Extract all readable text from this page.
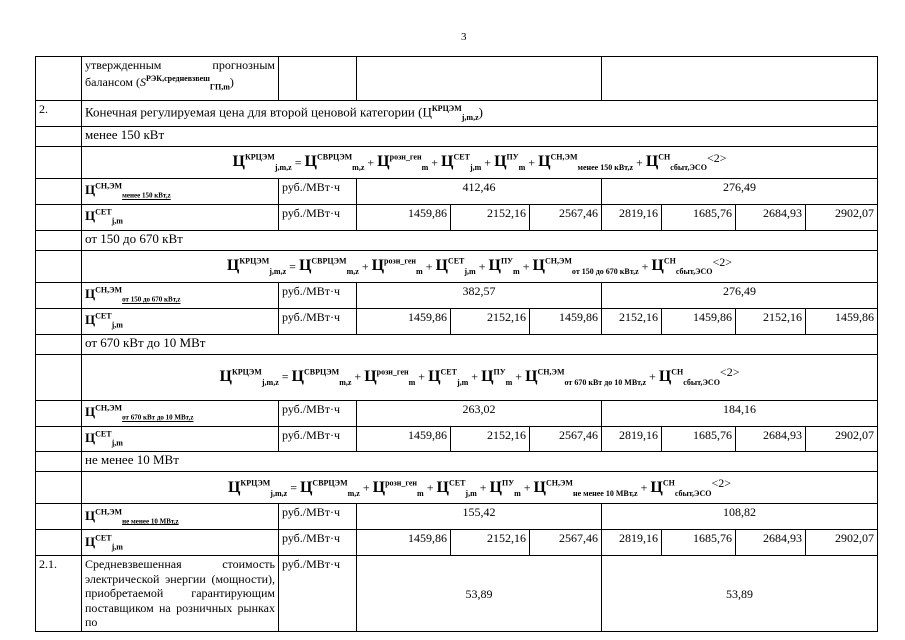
3

	утвержденным прогнозным
балансом $(S^{РЭК,средневзвеш}_{ГП,m})$									

2.	Конечная регулируемая цена для второй ценовой категории $(Ц^{КРЦЭМ}_{j,m,z})$									
	менее 150 кВт									
	$Ц^{КРЦЭМ}_{j,m,z} = Ц^{СВРЦЭМ}_{m,z} + Ц^{розн\_ген}_m + Ц^{СЕТ}_{j,m} + Ц^{ПУ}_m + Ц^{СН,ЭМ}_{менее 150 кВт,z} + Ц^{СН}_{сбыт,ЭСО}<2>$									
	$Ц^{СН,ЭМ}_{менее 150 кВт,z}$	руб./МВт·ч	412,46			276,49				
	$Ц^{СЕТ}_{j,m}$	руб./МВт·ч	1459,86	2152,16	2567,46	2819,16	1685,76	2684,93	2902,07	
	от 150 до 670 кВт									
	$Ц^{КРЦЭМ}_{j,m,z} = Ц^{СВРЦЭМ}_{m,z} + Ц^{розн\_ген}_m + Ц^{СЕТ}_{j,m} + Ц^{ПУ}_m + Ц^{СН,ЭМ}_{от 150 до 670 кВт,z} + Ц^{СН}_{сбыт,ЭСО}<2>$									
	$Ц^{СН,ЭМ}_{от 150 до 670 кВт,z}$	руб./МВт·ч	382,57			276,49				
	$Ц^{СЕТ}_{j,m}$	руб./МВт·ч	1459,86	2152,16	1459,86	2152,16	1459,86	2152,16	1459,86	
	от 670 кВт до 10 МВт									
	$Ц^{КРЦЭМ}_{j,m,z} = Ц^{СВРЦЭМ}_{m,z} + Ц^{розн\_ген}_m + Ц^{СЕТ}_{j,m} + Ц^{ПУ}_m + Ц^{СН,ЭМ}_{от 670 кВт до 10 МВт,z} + Ц^{СН}_{сбыт,ЭСО}<2>$									
	$Ц^{СН,ЭМ}_{от 670 кВт до 10 МВт,z}$	руб./МВт·ч	263,02			184,16				
	$Ц^{СЕТ}_{j,m}$	руб./МВт·ч	1459,86	2152,16	2567,46	2819,16	1685,76	2684,93	2902,07	
	не менее 10 МВт									
	$Ц^{КРЦЭМ}_{j,m,z} = Ц^{СВРЦЭМ}_{m,z} + Ц^{розн\_ген}_m + Ц^{СЕТ}_{j,m} + Ц^{ПУ}_m + Ц^{СН,ЭМ}_{не менее 10 МВт,z} + Ц^{СН}_{сбыт,ЭСО}<2>$									
	$Ц^{СН,ЭМ}_{не менее 10 МВт,z}$	руб./МВт·ч	155,42			108,82				
	$Ц^{СЕТ}_{j,m}$	руб./МВт·ч	1459,86	2152,16	2567,46	2819,16	1685,76	2684,93	2902,07	
2.1.	Средневзвешенная стоимость электрической энергии (мощности), приобретаемой гарантирующим поставщиком на розничных рынках по	руб./МВт·ч	53,89			53,89				
